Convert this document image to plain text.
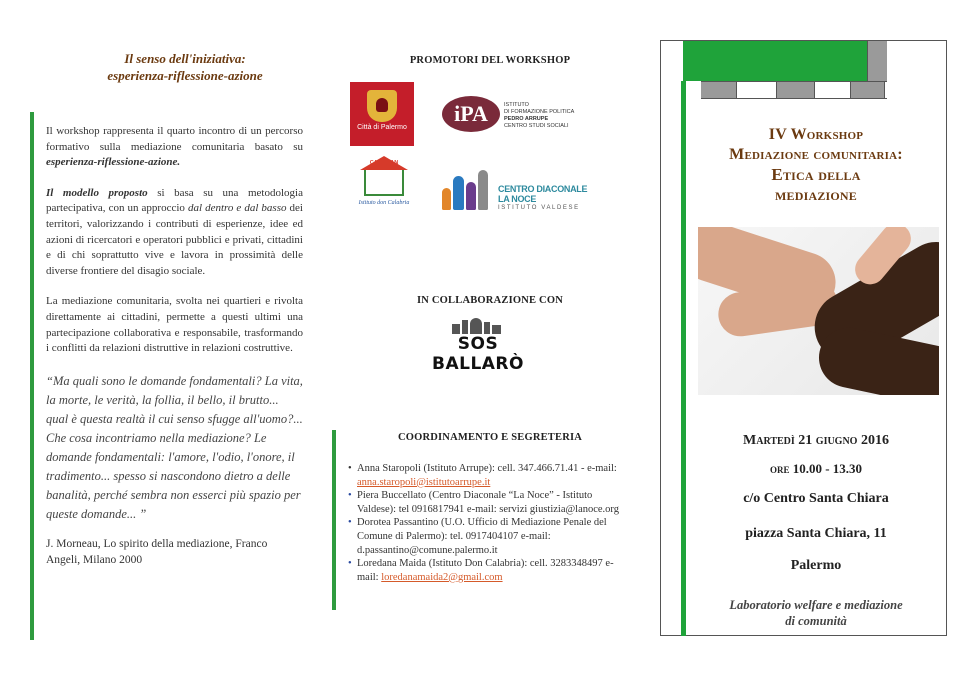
Il senso dell'iniziativa:
esperienza-riflessione-azione

Il workshop rappresenta il quarto incontro di un percorso formativo sulla mediazione comunitaria basato su esperienza-riflessione-azione.

Il modello proposto si basa su una metodologia partecipativa, con un approccio dal dentro e dal basso dei territori, valorizzando i contributi di esperienze, idee ed azioni di ricercatori e operatori pubblici e privati, cittadini e di chi soprattutto vive e lavora in prossimità delle diverse frontiere del disagio sociale.

La mediazione comunitaria, svolta nei quartieri e rivolta direttamente ai cittadini, permette a questi ultimi una partecipazione collaborativa e responsabile, trasformando i conflitti da relazioni distruttive in relazioni costruttive.

“Ma quali sono le domande fondamentali? La vita, la morte, le verità, la follia, il bello, il brutto... qual è questa realtà il cui senso sfugge all'uomo?... Che cosa incontriamo nella mediazione? Le domande fondamentali: l'amore, l'odio, l'onore, il tradimento... spesso si nascondono dietro a delle banalità, perché sembra non esserci più spazio per queste domande... ”

J. Morneau, Lo spirito della mediazione, Franco Angeli, Milano 2000

PROMOTORI DEL WORKSHOP
Città di Palermo
iPA	ISTITUTO
DI FORMAZIONE POLITICA
PEDRO ARRUPE
CENTRO STUDI SOCIALI
CASA SAN BENEDETTO
Istituto don Calabria
CENTRO DIACONALE LA NOCE
ISTITUTO VALDESE
IN COLLABORAZIONE CON
SOS BALLARÒ
COORDINAMENTO E SEGRETERIA
• Anna Staropoli (Istituto Arrupe): cell. 347.466.71.41 - e-mail: anna.staropoli@istitutoarrupe.it
• Piera Buccellato (Centro Diaconale “La Noce” - Istituto Valdese): tel 0916817941 e-mail: servizi giustizia@lanoce.org
• Dorotea Passantino (U.O. Ufficio di Mediazione Penale del Comune di Palermo): tel. 0917404107 e-mail: d.passantino@comune.palermo.it
• Loredana Maida (Istituto Don Calabria): cell. 3283348497 e-mail: loredanamaida2@gmail.com
IV Workshop
Mediazione comunitaria:
Etica della
mediazione
Martedì 21 giugno 2016
ore 10.00 - 13.30
c/o Centro Santa Chiara
piazza Santa Chiara, 11
Palermo
Laboratorio welfare e mediazione
di comunità
